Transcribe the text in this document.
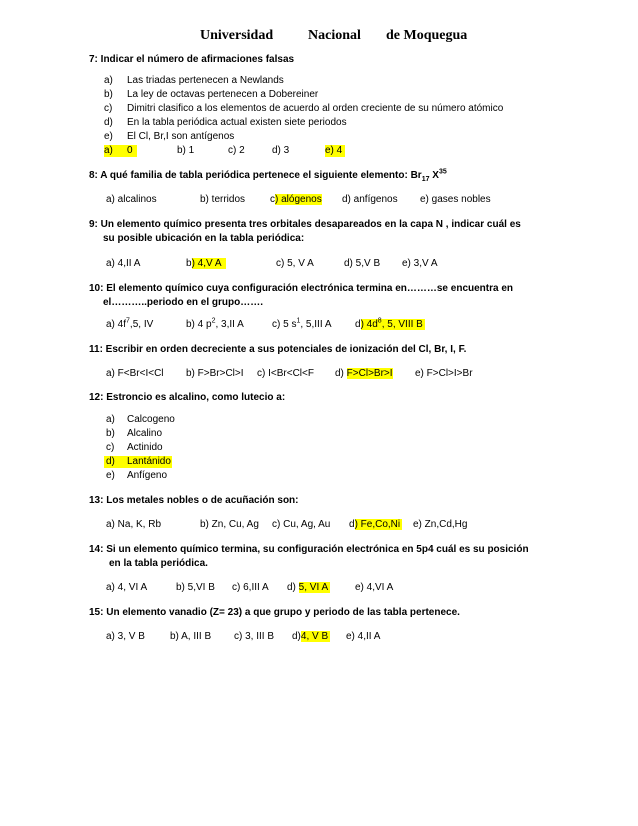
Universidad Nacional de Moquegua
7: Indicar el número de afirmaciones falsas
a) Las triadas pertenecen a Newlands
b) La ley de octavas pertenecen a Dobereiner
c) Dimitri clasifico a los elementos de acuerdo al orden creciente de su número atómico
d) En la tabla periódica actual existen siete periodos
e) El Cl, Br,I son antígenos
a)	0	b) 1	c) 2	d) 3	e) 4
8: A qué familia de tabla periódica pertenece el siguiente elemento: $Br_{17}$ $X^{35}$
a) alcalinos	b) terridos c) alógenos d) anfígenos e) gases nobles
9: Un elemento químico presenta tres orbitales desapareados en la capa N , indicar cuál es
su posible ubicación en la tabla periódica:
a) 4,II A	b) 4,V A	c) 5, V A	d) 5,V B e) 3,V A
10: El elemento químico cuya configuración electrónica termina en………se encuentra en
el………..periodo en el grupo…….
a) $4f^7,5$, IV	b) 4 $p^2$, 3,II A	c) 5 $s^1$, 5,III A d) $4d^8$, 5, VIII B
11: Escribir en orden decreciente a sus potenciales de ionización del Cl, Br, I, F.
a) F<Br<I<Cl b) F>Br>Cl>I c) I<Br<Cl<F d) F>Cl>Br>I e) F>Cl>I>Br
12: Estroncio es alcalino, como lutecio a:
a) Calcogeno
b) Alcalino
c) Actinido
d) Lantánido

e) Anfígeno
13: Los metales nobles o de acuñación son:
a) Na, K, Rb	b) Zn, Cu, Ag c) Cu, Ag, Au d) Fe,Co,Ni e) Zn,Cd,Hg
14: Si un elemento químico termina, su configuración electrónica en 5p4 cuál es su posición
en la tabla periódica.
a) 4, VI A	b) 5,VI B c) 6,III A d) 5, VI A	e) 4,VI A
15: Un elemento vanadio (Z= 23) a que grupo y periodo de las tabla pertenece.
a) 3, V B	b) A, III B c) 3, III B d)4, V B e) 4,II A
